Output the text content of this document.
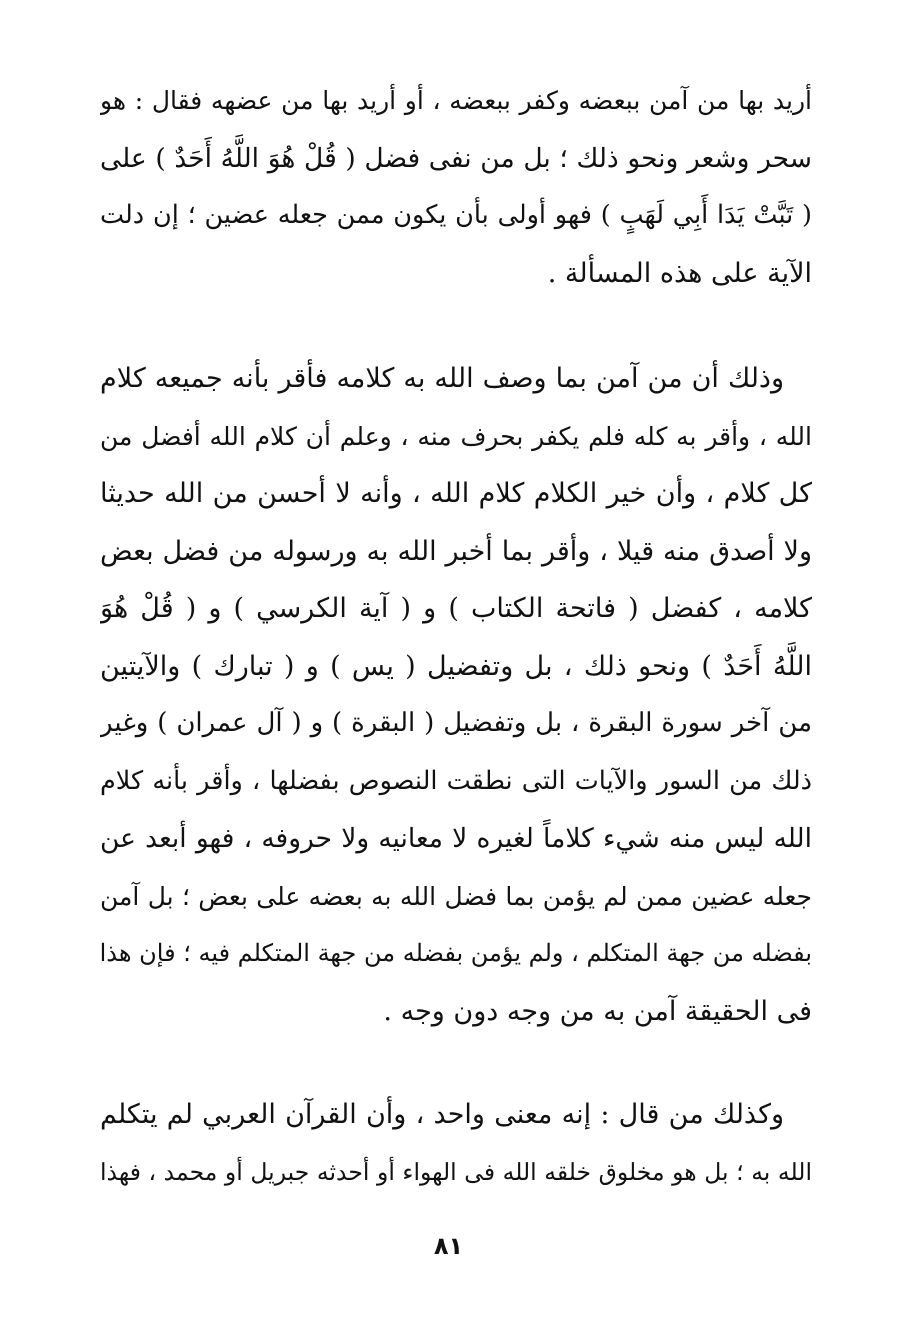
أريد بها من آمن ببعضه وكفر ببعضه ، أو أريد بها من عضهه فقال : هو
سحر وشعر ونحو ذلك ؛ بل من نفى فضل ( قُلْ هُوَ اللَّهُ أَحَدٌ ) على
( تَبَّتْ يَدَا أَبِي لَهَبٍ ) فهو أولى بأن يكون ممن جعله عضين ؛ إن دلت
الآية على هذه المسألة .
وذلك أن من آمن بما وصف الله به كلامه فأقر بأنه جميعه كلام
الله ، وأقر به كله فلم يكفر بحرف منه ، وعلم أن كلام الله أفضل من
كل كلام ، وأن خير الكلام كلام الله ، وأنه لا أحسن من الله حديثا
ولا أصدق منه قيلا ، وأقر بما أخبر الله به ورسوله من فضل بعض
كلامه ، كفضل ( فاتحة الكتاب ) و ( آية الكرسي ) و ( قُلْ هُوَ
اللَّهُ أَحَدٌ ) ونحو ذلك ، بل وتفضيل ( يس ) و ( تبارك ) والآيتين
من آخر سورة البقرة ، بل وتفضيل ( البقرة ) و ( آل عمران ) وغير
ذلك من السور والآيات التى نطقت النصوص بفضلها ، وأقر بأنه كلام
الله ليس منه شيء كلاماً لغيره لا معانيه ولا حروفه ، فهو أبعد عن
جعله عضين ممن لم يؤمن بما فضل الله به بعضه على بعض ؛ بل آمن
بفضله من جهة المتكلم ، ولم يؤمن بفضله من جهة المتكلم فيه ؛ فإن هذا
فى الحقيقة آمن به من وجه دون وجه .
وكذلك من قال : إنه معنى واحد ، وأن القرآن العربي لم يتكلم
الله به ؛ بل هو مخلوق خلقه الله فى الهواء أو أحدثه جبريل أو محمد ، فهذا
٨١
